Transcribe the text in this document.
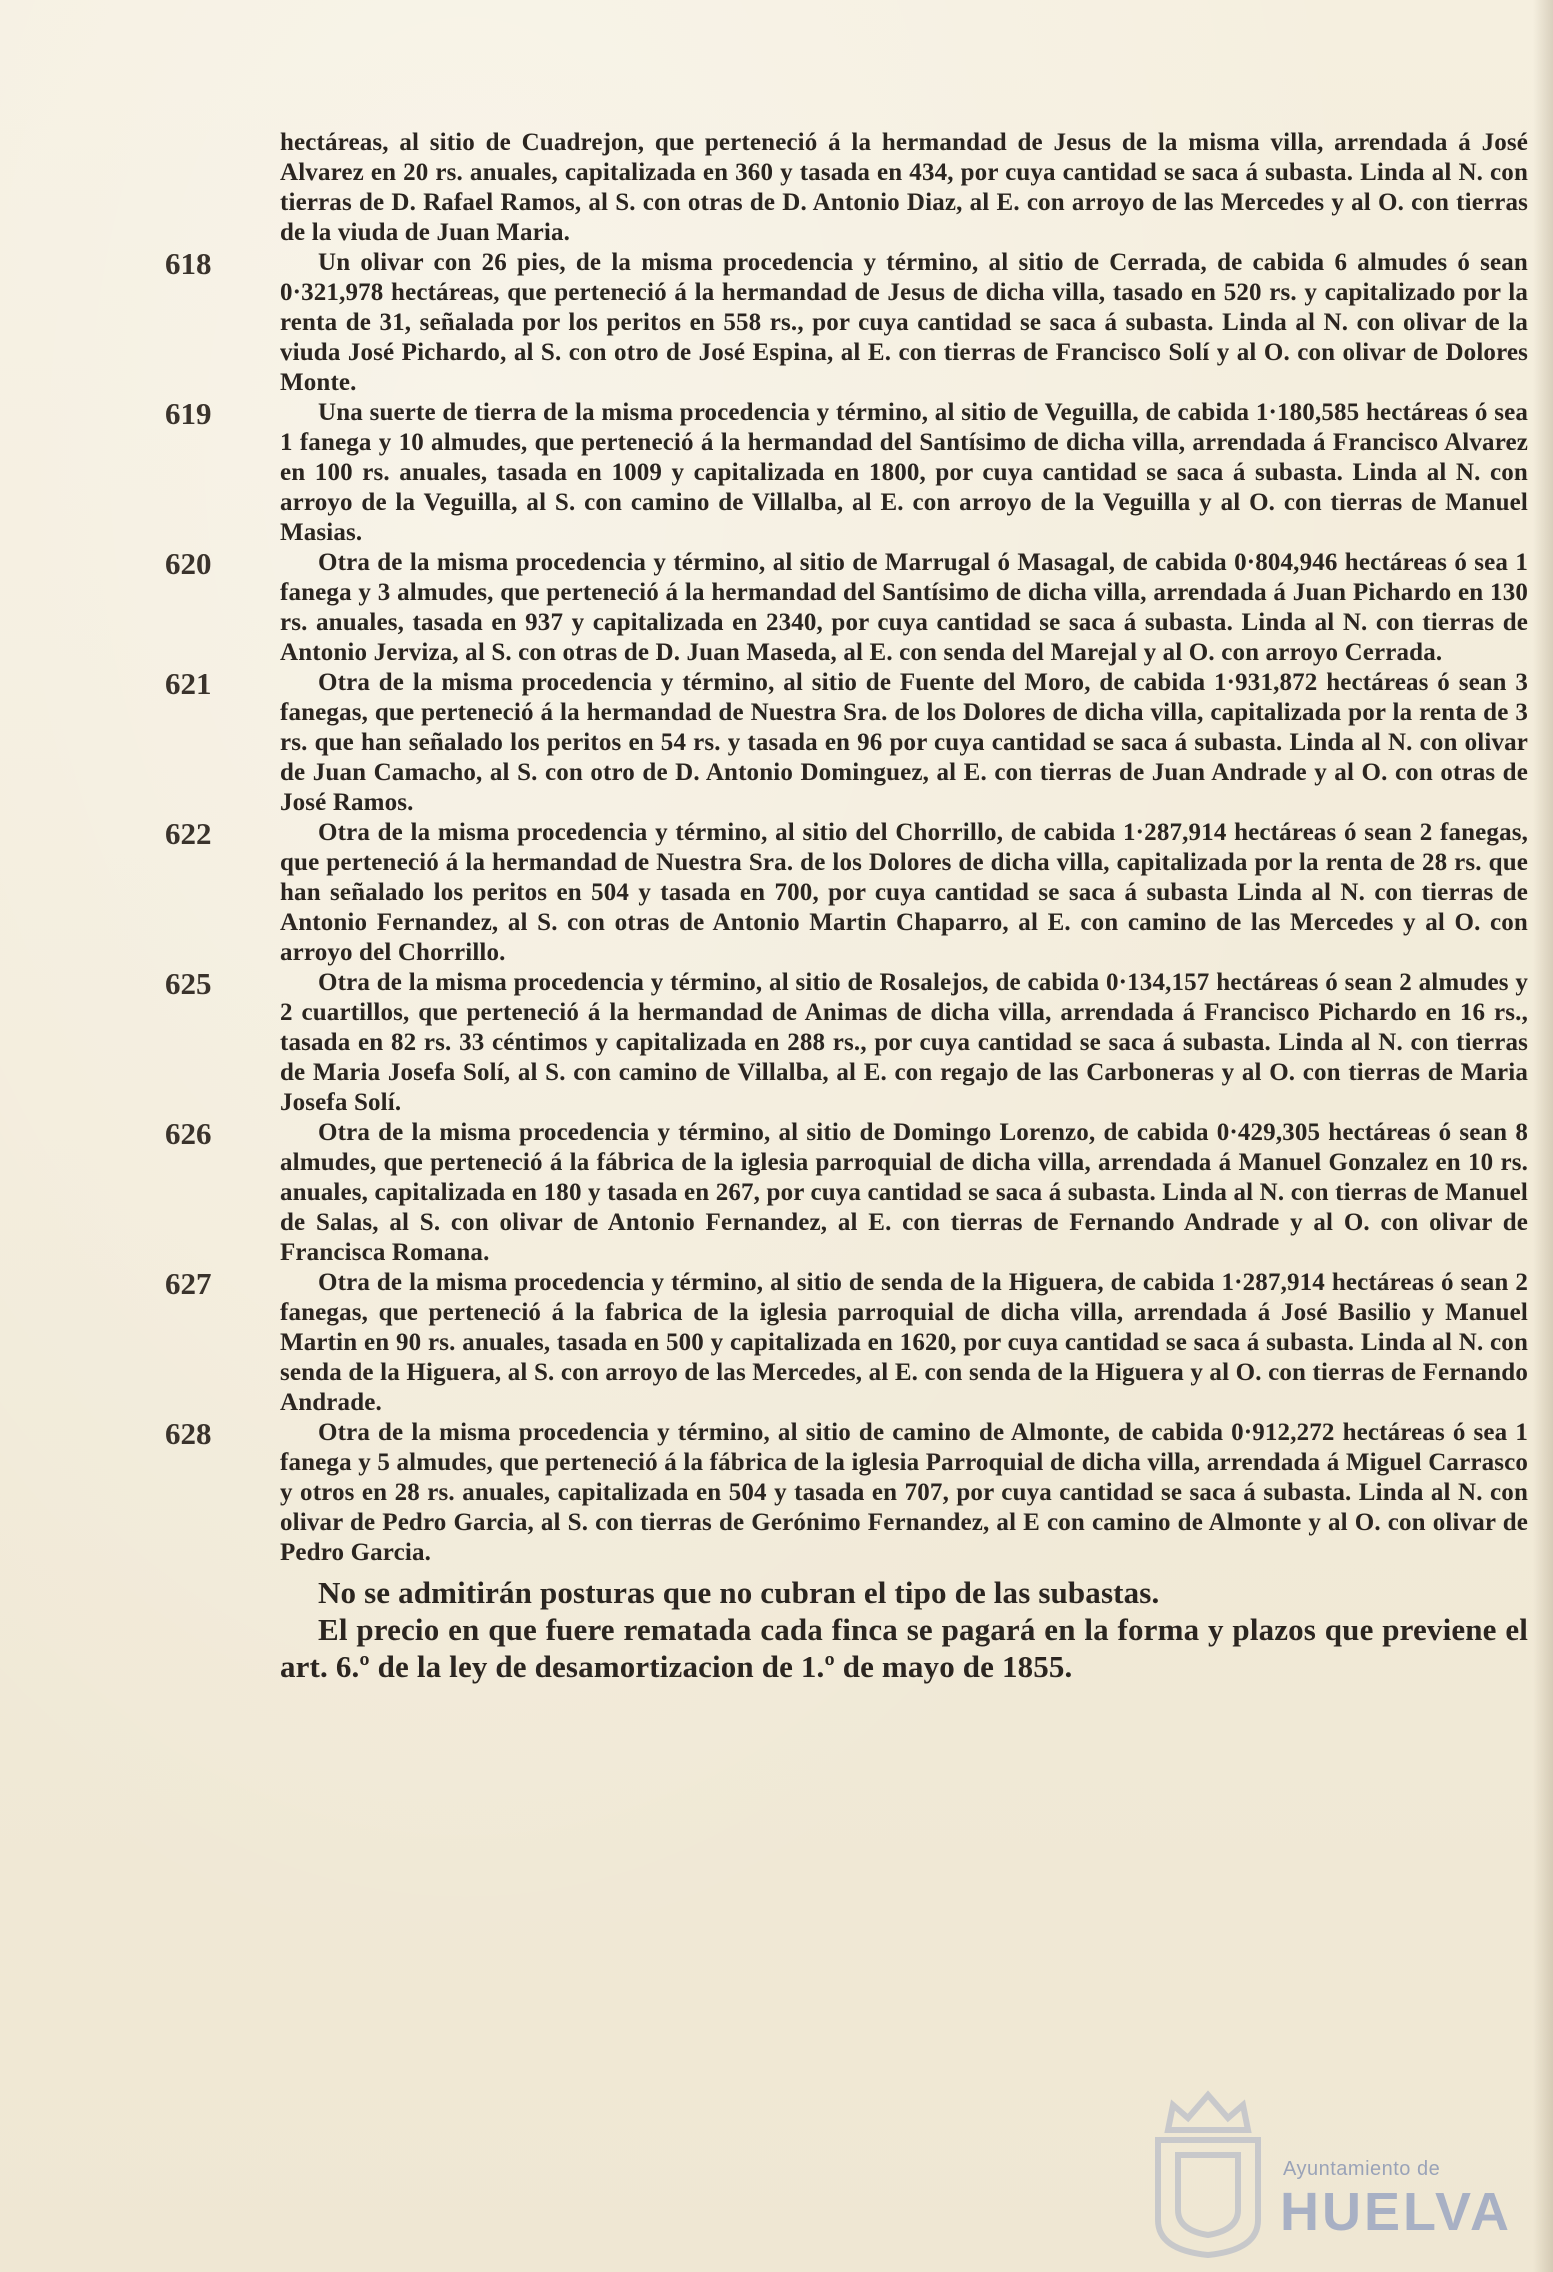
hectáreas, al sitio de Cuadrejon, que perteneció á la hermandad de Jesus de la misma villa, arrendada á José Alvarez en 20 rs. anuales, capitalizada en 360 y tasada en 434, por cuya cantidad se saca á subasta. Linda al N. con tierras de D. Rafael Ramos, al S. con otras de D. Antonio Diaz, al E. con arroyo de las Mercedes y al O. con tierras de la viuda de Juan Maria.

618	Un olivar con 26 pies, de la misma procedencia y término, al sitio de Cerrada, de cabida 6 almudes ó sean 0·321,978 hectáreas, que perteneció á la hermandad de Jesus de dicha villa, tasado en 520 rs. y capitalizado por la renta de 31, señalada por los peritos en 558 rs., por cuya cantidad se saca á subasta. Linda al N. con olivar de la viuda José Pichardo, al S. con otro de José Espina, al E. con tierras de Francisco Solí y al O. con olivar de Dolores Monte.

619	Una suerte de tierra de la misma procedencia y término, al sitio de Veguilla, de cabida 1·180,585 hectáreas ó sea 1 fanega y 10 almudes, que perteneció á la hermandad del Santísimo de dicha villa, arrendada á Francisco Alvarez en 100 rs. anuales, tasada en 1009 y capitalizada en 1800, por cuya cantidad se saca á subasta. Linda al N. con arroyo de la Veguilla, al S. con camino de Villalba, al E. con arroyo de la Veguilla y al O. con tierras de Manuel Masias.

620	Otra de la misma procedencia y término, al sitio de Marrugal ó Masagal, de cabida 0·804,946 hectáreas ó sea 1 fanega y 3 almudes, que perteneció á la hermandad del Santísimo de dicha villa, arrendada á Juan Pichardo en 130 rs. anuales, tasada en 937 y capitalizada en 2340, por cuya cantidad se saca á subasta. Linda al N. con tierras de Antonio Jerviza, al S. con otras de D. Juan Maseda, al E. con senda del Marejal y al O. con arroyo Cerrada.

621	Otra de la misma procedencia y término, al sitio de Fuente del Moro, de cabida 1·931,872 hectáreas ó sean 3 fanegas, que perteneció á la hermandad de Nuestra Sra. de los Dolores de dicha villa, capitalizada por la renta de 3 rs. que han señalado los peritos en 54 rs. y tasada en 96 por cuya cantidad se saca á subasta. Linda al N. con olivar de Juan Camacho, al S. con otro de D. Antonio Dominguez, al E. con tierras de Juan Andrade y al O. con otras de José Ramos.

622	Otra de la misma procedencia y término, al sitio del Chorrillo, de cabida 1·287,914 hectáreas ó sean 2 fanegas, que perteneció á la hermandad de Nuestra Sra. de los Dolores de dicha villa, capitalizada por la renta de 28 rs. que han señalado los peritos en 504 y tasada en 700, por cuya cantidad se saca á subasta Linda al N. con tierras de Antonio Fernandez, al S. con otras de Antonio Martin Chaparro, al E. con camino de las Mercedes y al O. con arroyo del Chorrillo.

625	Otra de la misma procedencia y término, al sitio de Rosalejos, de cabida 0·134,157 hectáreas ó sean 2 almudes y 2 cuartillos, que perteneció á la hermandad de Animas de dicha villa, arrendada á Francisco Pichardo en 16 rs., tasada en 82 rs. 33 céntimos y capitalizada en 288 rs., por cuya cantidad se saca á subasta. Linda al N. con tierras de Maria Josefa Solí, al S. con camino de Villalba, al E. con regajo de las Carboneras y al O. con tierras de Maria Josefa Solí.

626	Otra de la misma procedencia y término, al sitio de Domingo Lorenzo, de cabida 0·429,305 hectáreas ó sean 8 almudes, que perteneció á la fábrica de la iglesia parroquial de dicha villa, arrendada á Manuel Gonzalez en 10 rs. anuales, capitalizada en 180 y tasada en 267, por cuya cantidad se saca á subasta. Linda al N. con tierras de Manuel de Salas, al S. con olivar de Antonio Fernandez, al E. con tierras de Fernando Andrade y al O. con olivar de Francisca Romana.

627	Otra de la misma procedencia y término, al sitio de senda de la Higuera, de cabida 1·287,914 hectáreas ó sean 2 fanegas, que perteneció á la fabrica de la iglesia parroquial de dicha villa, arrendada á José Basilio y Manuel Martin en 90 rs. anuales, tasada en 500 y capitalizada en 1620, por cuya cantidad se saca á subasta. Linda al N. con senda de la Higuera, al S. con arroyo de las Mercedes, al E. con senda de la Higuera y al O. con tierras de Fernando Andrade.

628	Otra de la misma procedencia y término, al sitio de camino de Almonte, de cabida 0·912,272 hectáreas ó sea 1 fanega y 5 almudes, que perteneció á la fábrica de la iglesia Parroquial de dicha villa, arrendada á Miguel Carrasco y otros en 28 rs. anuales, capitalizada en 504 y tasada en 707, por cuya cantidad se saca á subasta. Linda al N. con olivar de Pedro Garcia, al S. con tierras de Gerónimo Fernandez, al E con camino de Almonte y al O. con olivar de Pedro Garcia.

No se admitirán posturas que no cubran el tipo de las subastas.

El precio en que fuere rematada cada finca se pagará en la forma y plazos que previene el art. 6.º de la ley de desamortizacion de 1.º de mayo de 1855.

Ayuntamiento de
HUELVA
